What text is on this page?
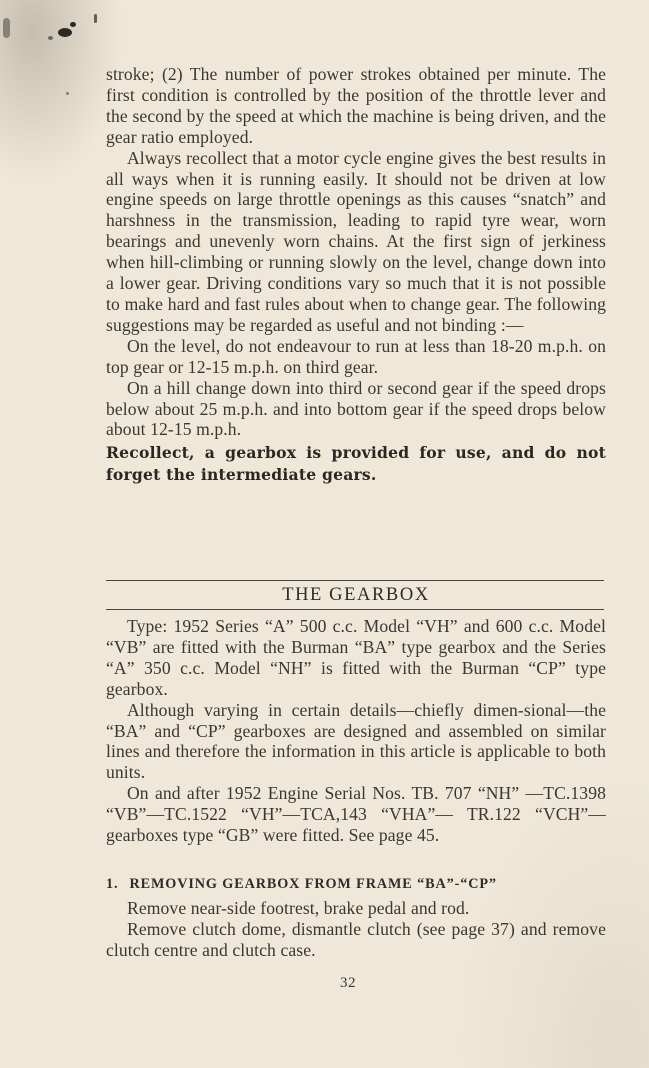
stroke; (2) The number of power strokes obtained per minute. The first condition is controlled by the position of the throttle lever and the second by the speed at which the machine is being driven, and the gear ratio employed.

Always recollect that a motor cycle engine gives the best results in all ways when it is running easily. It should not be driven at low engine speeds on large throttle openings as this causes “snatch” and harshness in the transmission, leading to rapid tyre wear, worn bearings and unevenly worn chains. At the first sign of jerkiness when hill-climbing or running slowly on the level, change down into a lower gear. Driving conditions vary so much that it is not possible to make hard and fast rules about when to change gear. The following suggestions may be regarded as useful and not binding :—

On the level, do not endeavour to run at less than 18-20 m.p.h. on top gear or 12-15 m.p.h. on third gear.

On a hill change down into third or second gear if the speed drops below about 25 m.p.h. and into bottom gear if the speed drops below about 12-15 m.p.h.

Recollect, a gearbox is provided for use, and do not forget the intermediate gears.

THE GEARBOX

Type: 1952 Series “A” 500 c.c. Model “VH” and 600 c.c. Model “VB” are fitted with the Burman “BA” type gearbox and the Series “A” 350 c.c. Model “NH” is fitted with the Burman “CP” type gearbox.

Although varying in certain details—chiefly dimen-sional—the “BA” and “CP” gearboxes are designed and assembled on similar lines and therefore the information in this article is applicable to both units.

On and after 1952 Engine Serial Nos. TB. 707 “NH” —TC.1398 “VB”—TC.1522 “VH”—TCA,143 “VHA”— TR.122 “VCH”—gearboxes type “GB” were fitted. See page 45.

1. REMOVING GEARBOX FROM FRAME “BA”-“CP”

Remove near-side footrest, brake pedal and rod.

Remove clutch dome, dismantle clutch (see page 37) and remove clutch centre and clutch case.

32
